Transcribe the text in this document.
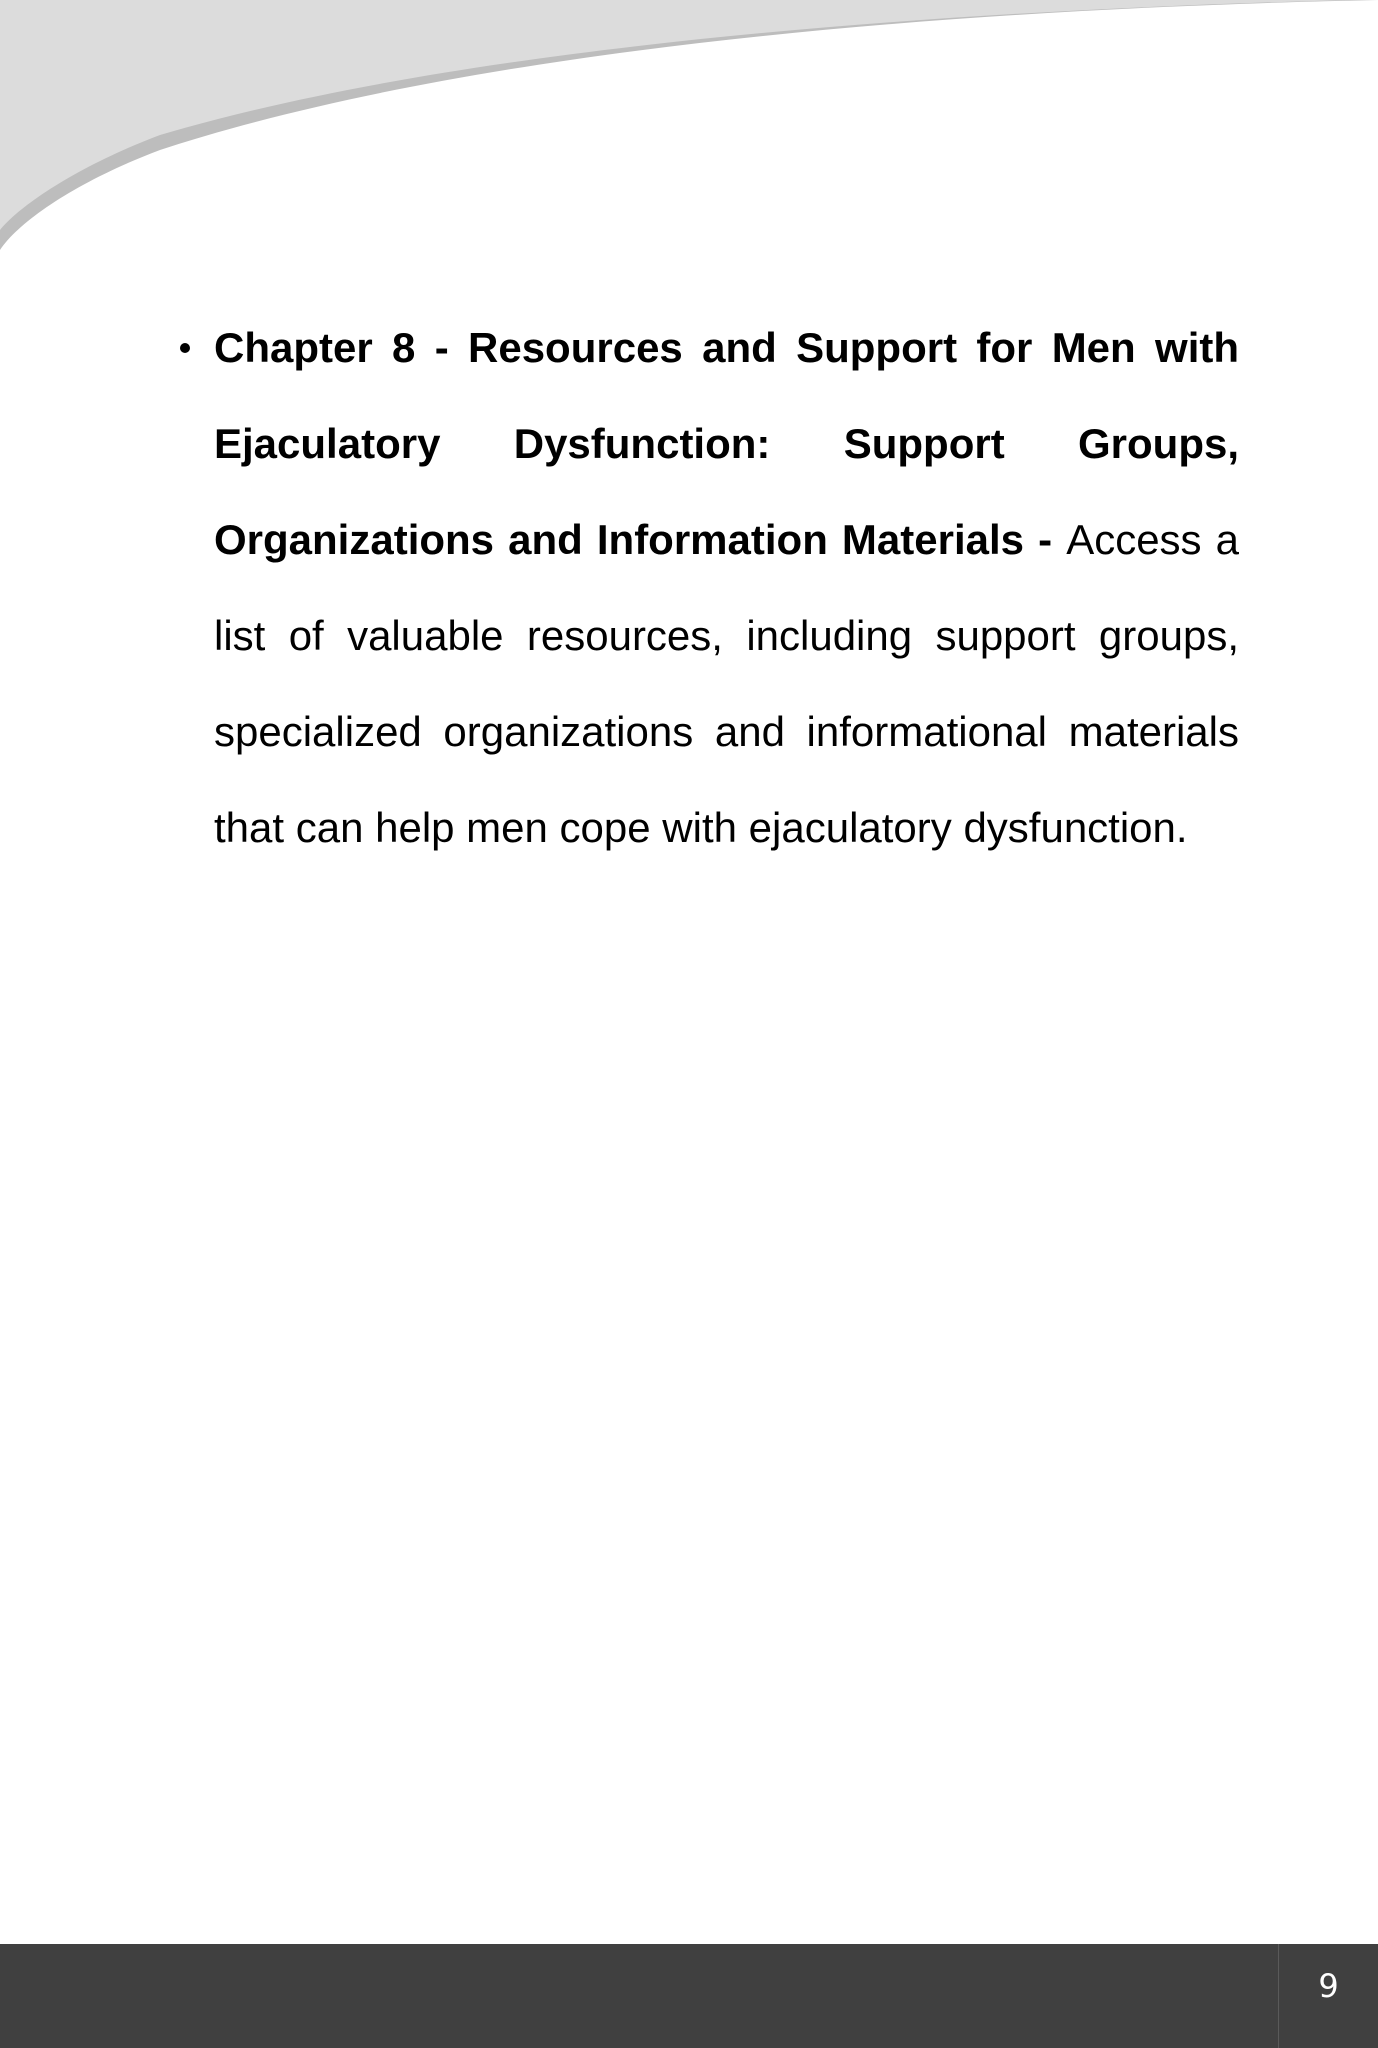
Chapter 8 - Resources and Support for Men with Ejaculatory Dysfunction: Support Groups, Organizations and Information Materials - Access a list of valuable resources, including support groups, specialized organizations and informational materials that can help men cope with ejaculatory dysfunction.
9
